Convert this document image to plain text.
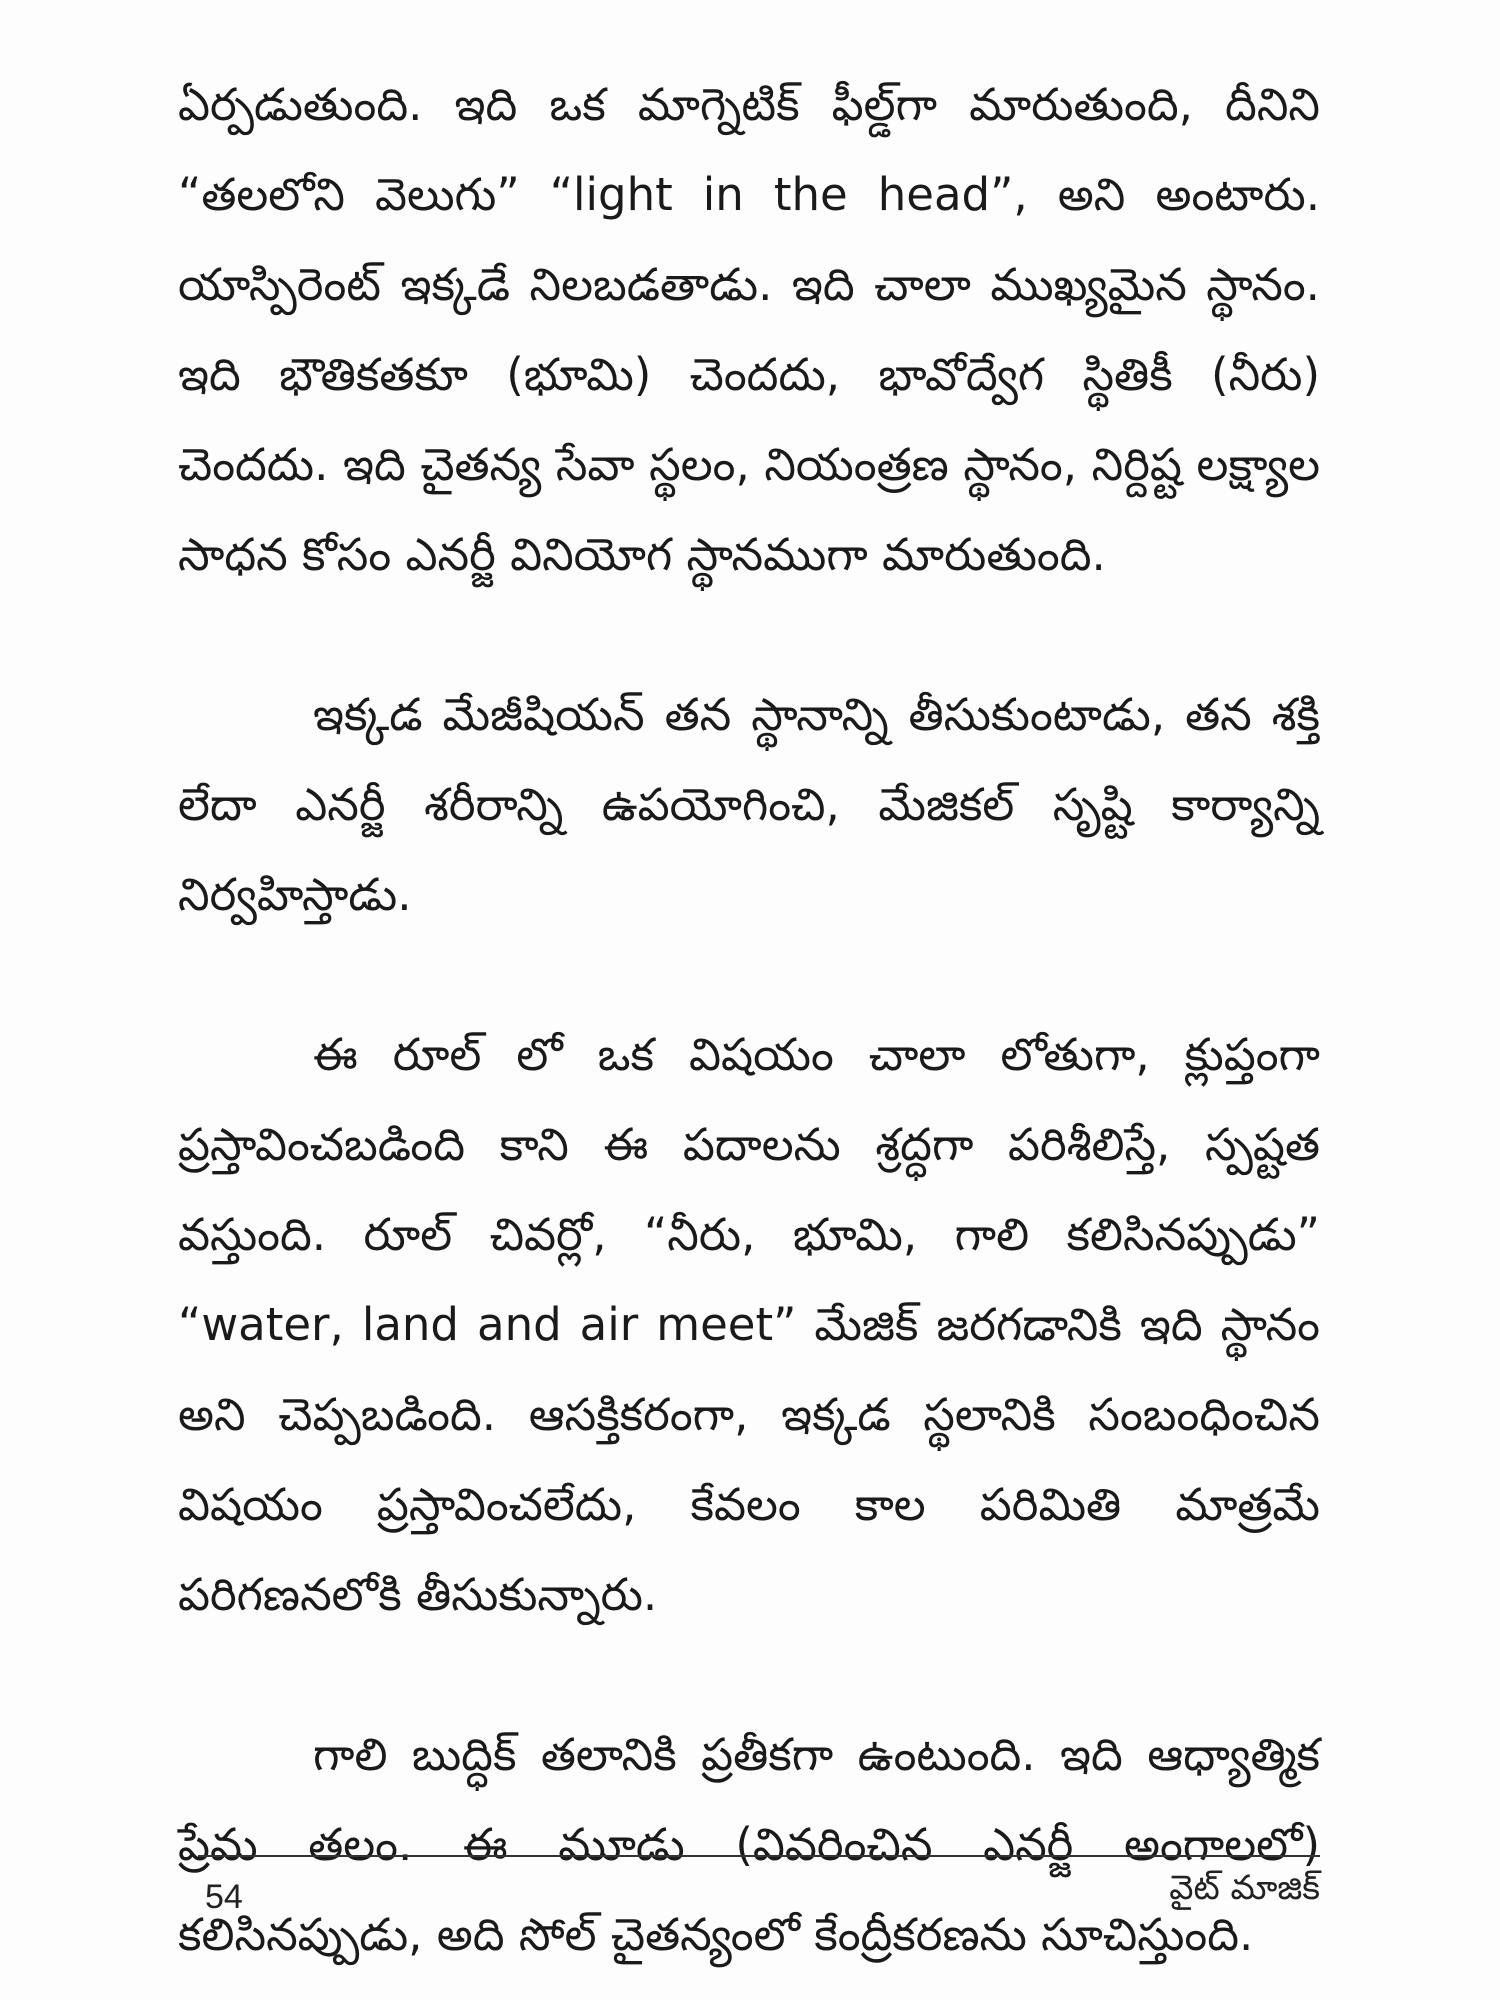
ఏర్పడుతుంది. ఇది ఒక మాగ్నెటిక్ ఫీల్డ్‌గా మారుతుంది, దీనిని “తలలోని వెలుగు” “light in the head”, అని అంటారు. యాస్పిరెంట్ ఇక్కడే నిలబడతాడు. ఇది చాలా ముఖ్యమైన స్థానం. ఇది భౌతికతకూ (భూమి) చెందదు, భావోద్వేగ స్థితికీ (నీరు) చెందదు. ఇది చైతన్య సేవా స్థలం, నియంత్రణ స్థానం, నిర్దిష్ట లక్ష్యాల సాధన కోసం ఎనర్జీ వినియోగ స్థానముగా మారుతుంది.

ఇక్కడ మేజీషియన్ తన స్థానాన్ని తీసుకుంటాడు, తన శక్తి లేదా ఎనర్జీ శరీరాన్ని ఉపయోగించి, మేజికల్ సృష్టి కార్యాన్ని నిర్వహిస్తాడు.

ఈ రూల్ లో ఒక విషయం చాలా లోతుగా, క్లుప్తంగా ప్రస్తావించబడింది కాని ఈ పదాలను శ్రద్ధగా పరిశీలిస్తే, స్పష్టత వస్తుంది. రూల్ చివర్లో, “నీరు, భూమి, గాలి కలిసినప్పుడు” “water, land and air meet” మేజిక్ జరగడానికి ఇది స్థానం అని చెప్పబడింది. ఆసక్తికరంగా, ఇక్కడ స్థలానికి సంబంధించిన విషయం ప్రస్తావించలేదు, కేవలం కాల పరిమితి మాత్రమే పరిగణనలోకి తీసుకున్నారు.

గాలి బుద్ధిక్ తలానికి ప్రతీకగా ఉంటుంది. ఇది ఆధ్యాత్మిక ప్రేమ తలం. ఈ మూడు (వివరించిన ఎనర్జీ అంగాలలో) కలిసినప్పుడు, అది సోల్ చైతన్యంలో కేంద్రీకరణను సూచిస్తుంది.

54	వైట్ మాజిక్
